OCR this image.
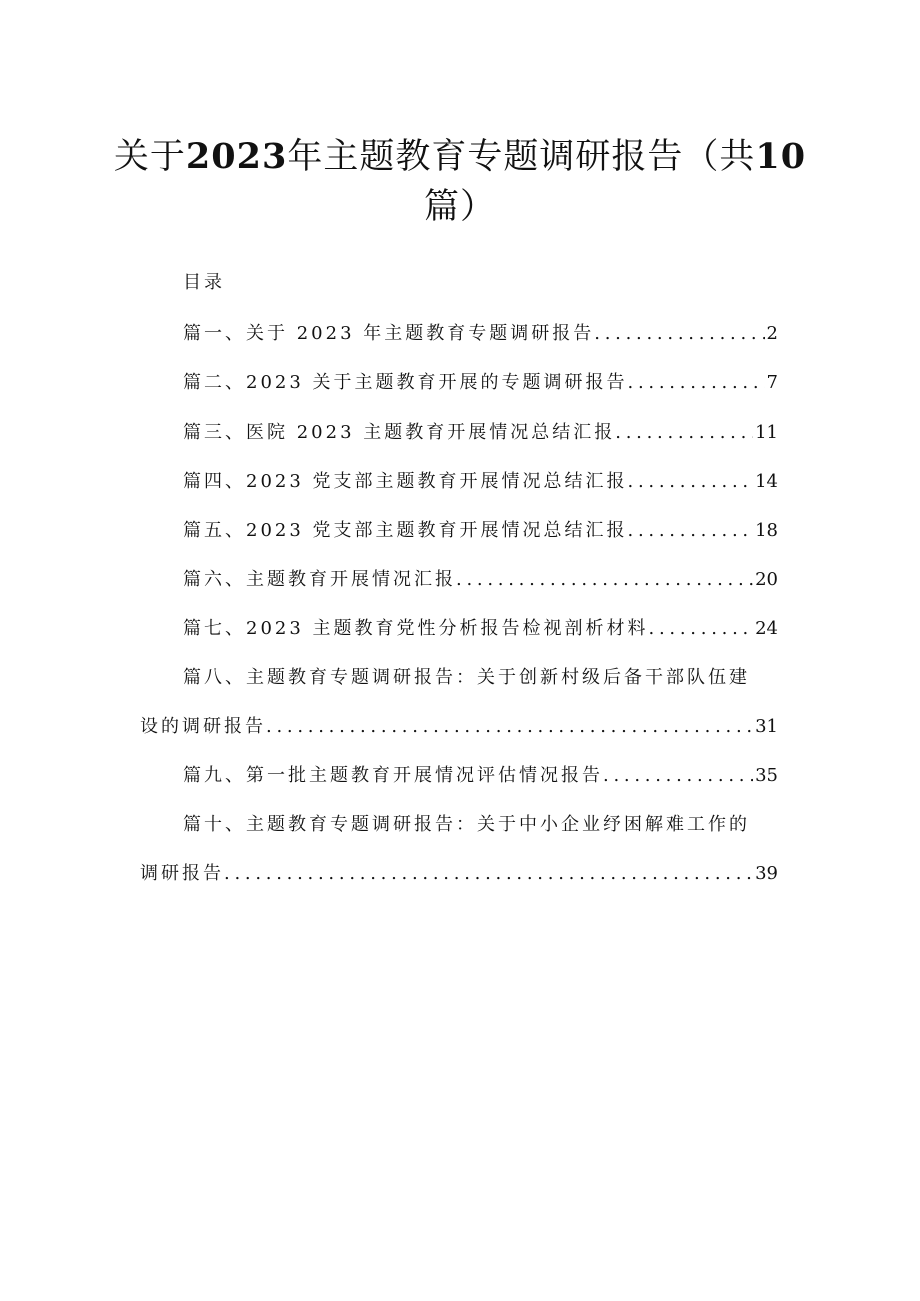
关于2023年主题教育专题调研报告（共10
篇）
目录
篇一、关于 2023 年主题教育专题调研报告 . . .	2
篇二、2023 关于主题教育开展的专题调研报告 . . .	7
篇三、医院 2023 主题教育开展情况总结汇报 . . .	11
篇四、2023 党支部主题教育开展情况总结汇报 . . .	14
篇五、2023 党支部主题教育开展情况总结汇报 . . .	18
篇六、主题教育开展情况汇报 . . .	20
篇七、2023 主题教育党性分析报告检视剖析材料 . . .	24
篇八、主题教育专题调研报告：关于创新村级后备干部队伍建
设的调研报告 . . .	31
篇九、第一批主题教育开展情况评估情况报告 . . .	35
篇十、主题教育专题调研报告：关于中小企业纾困解难工作的
调研报告 . . .	39
